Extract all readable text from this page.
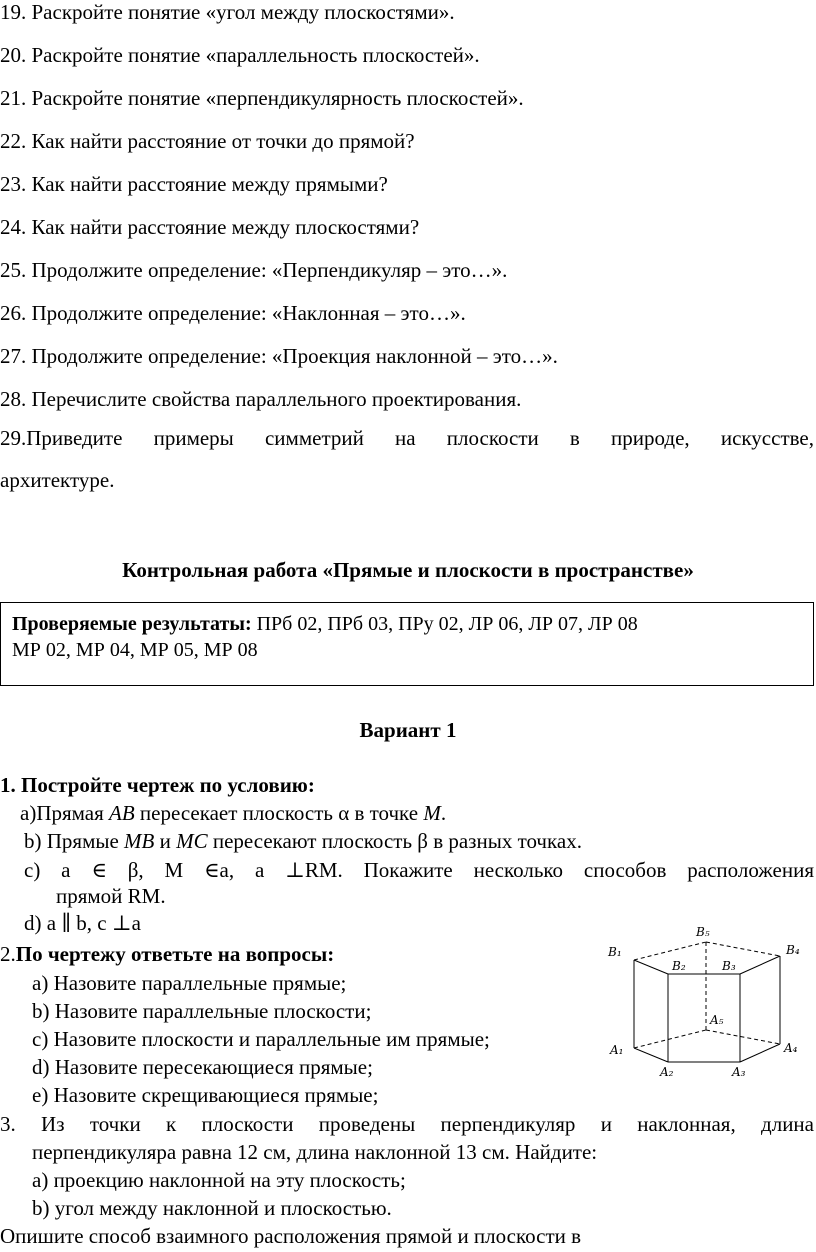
19. Раскройте понятие «угол между плоскостями».
20. Раскройте понятие «параллельность плоскостей».
21. Раскройте понятие «перпендикулярность плоскостей».
22. Как найти расстояние от точки до прямой?
23. Как найти расстояние между прямыми?
24. Как найти расстояние между плоскостями?
25. Продолжите определение: «Перпендикуляр – это…».
26. Продолжите определение: «Наклонная – это…».
27. Продолжите определение: «Проекция наклонной – это…».
28. Перечислите свойства параллельного проектирования.
29.Приведите примеры симметрий на плоскости в природе, искусстве,
архитектуре.
Контрольная работа «Прямые и плоскости в пространстве»
Проверяемые результаты: ПРб 02, ПРб 03, ПРу 02, ЛР 06, ЛР 07, ЛР 08
МР 02, МР 04, МР 05, МР 08
Вариант 1
1. Постройте чертеж по условию:
а)Прямая AB пересекает плоскость α в точке M.
b) Прямые MB и MC пересекают плоскость β в разных точках.
c) a ∈ β, M ∈a, a ⊥RM. Покажите несколько способов расположения
прямой RM.
d) a ∥ b, c ⊥a
2.По чертежу ответьте на вопросы:
a) Назовите параллельные прямые;
b) Назовите параллельные плоскости;
c) Назовите плоскости и параллельные им прямые;
d) Назовите пересекающиеся прямые;
e) Назовите скрещивающиеся прямые;
B₁
B₅
B₄
B₂	B₃
A₅
A₁	A₄
A₂	A₃
3. Из точки к плоскости проведены перпендикуляр и наклонная, длина
перпендикуляра равна 12 см, длина наклонной 13 см. Найдите:
a) проекцию наклонной на эту плоскость;
b) угол между наклонной и плоскостью.
Опишите способ взаимного расположения прямой и плоскости в
